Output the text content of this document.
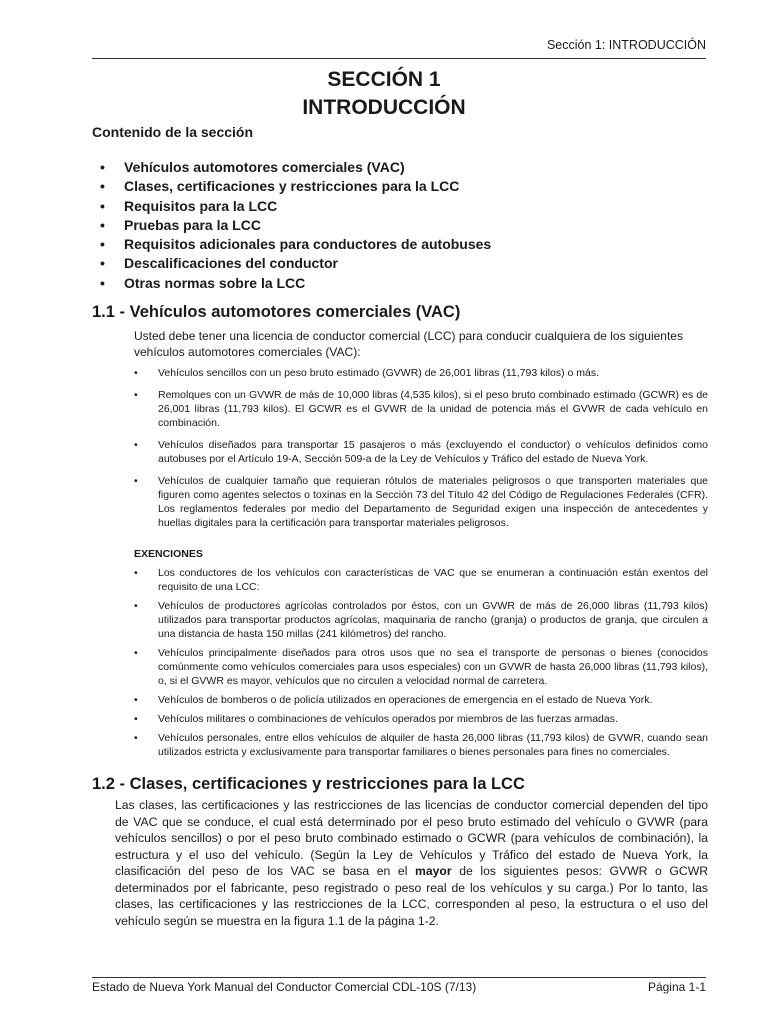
Sección 1: INTRODUCCIÓN
SECCIÓN 1
INTRODUCCIÓN
Contenido de la sección
• Vehículos automotores comerciales (VAC)
• Clases, certificaciones y restricciones para la LCC
• Requisitos para la LCC
• Pruebas para la LCC
• Requisitos adicionales para conductores de autobuses
• Descalificaciones del conductor
• Otras normas sobre la LCC
1.1 - Vehículos automotores comerciales (VAC)

Usted debe tener una licencia de conductor comercial (LCC) para conducir cualquiera de los siguientes vehículos automotores comerciales (VAC):

• Vehículos sencillos con un peso bruto estimado (GVWR) de 26,001 libras (11,793 kilos) o más.
• Remolques con un GVWR de más de 10,000 libras (4,535 kilos), si el peso bruto combinado estimado (GCWR) es de 26,001 libras (11,793 kilos). El GCWR es el GVWR de la unidad de potencia más el GVWR de cada vehículo en combinación.
• Vehículos diseñados para transportar 15 pasajeros o más (excluyendo el conductor) o vehículos definidos como autobuses por el Artículo 19-A, Sección 509-a de la Ley de Vehículos y Tráfico del estado de Nueva York.
• Vehículos de cualquier tamaño que requieran rótulos de materiales peligrosos o que transporten materiales que figuren como agentes selectos o toxinas en la Sección 73 del Título 42 del Código de Regulaciones Federales (CFR). Los reglamentos federales por medio del Departamento de Seguridad exigen una inspección de antecedentes y huellas digitales para la certificación para transportar materiales peligrosos.

EXENCIONES

• Los conductores de los vehículos con características de VAC que se enumeran a continuación están exentos del requisito de una LCC:
• Vehículos de productores agrícolas controlados por éstos, con un GVWR de más de 26,000 libras (11,793 kilos) utilizados para transportar productos agrícolas, maquinaria de rancho (granja) o productos de granja, que circulen a una distancia de hasta 150 millas (241 kilómetros) del rancho.
• Vehículos principalmente diseñados para otros usos que no sea el transporte de personas o bienes (conocidos comúnmente como vehículos comerciales para usos especiales) con un GVWR de hasta 26,000 libras (11,793 kilos), o, si el GVWR es mayor, vehículos que no circulen a velocidad normal de carretera.
• Vehículos de bomberos o de policía utilizados en operaciones de emergencia en el estado de Nueva York.
• Vehículos militares o combinaciones de vehículos operados por miembros de las fuerzas armadas.
• Vehículos personales, entre ellos vehículos de alquiler de hasta 26,000 libras (11,793 kilos) de GVWR, cuando sean utilizados estricta y exclusivamente para transportar familiares o bienes personales para fines no comerciales.
1.2 - Clases, certificaciones y restricciones para la LCC

Las clases, las certificaciones y las restricciones de las licencias de conductor comercial dependen del tipo de VAC que se conduce, el cual está determinado por el peso bruto estimado del vehículo o GVWR (para vehículos sencillos) o por el peso bruto combinado estimado o GCWR (para vehículos de combinación), la estructura y el uso del vehículo. (Según la Ley de Vehículos y Tráfico del estado de Nueva York, la clasificación del peso de los VAC se basa en el mayor de los siguientes pesos: GVWR o GCWR determinados por el fabricante, peso registrado o peso real de los vehículos y su carga.) Por lo tanto, las clases, las certificaciones y las restricciones de la LCC, corresponden al peso, la estructura o el uso del vehículo según se muestra en la figura 1.1 de la página 1-2.

Estado de Nueva York Manual del Conductor Comercial CDL-10S (7/13)	Página 1-1
